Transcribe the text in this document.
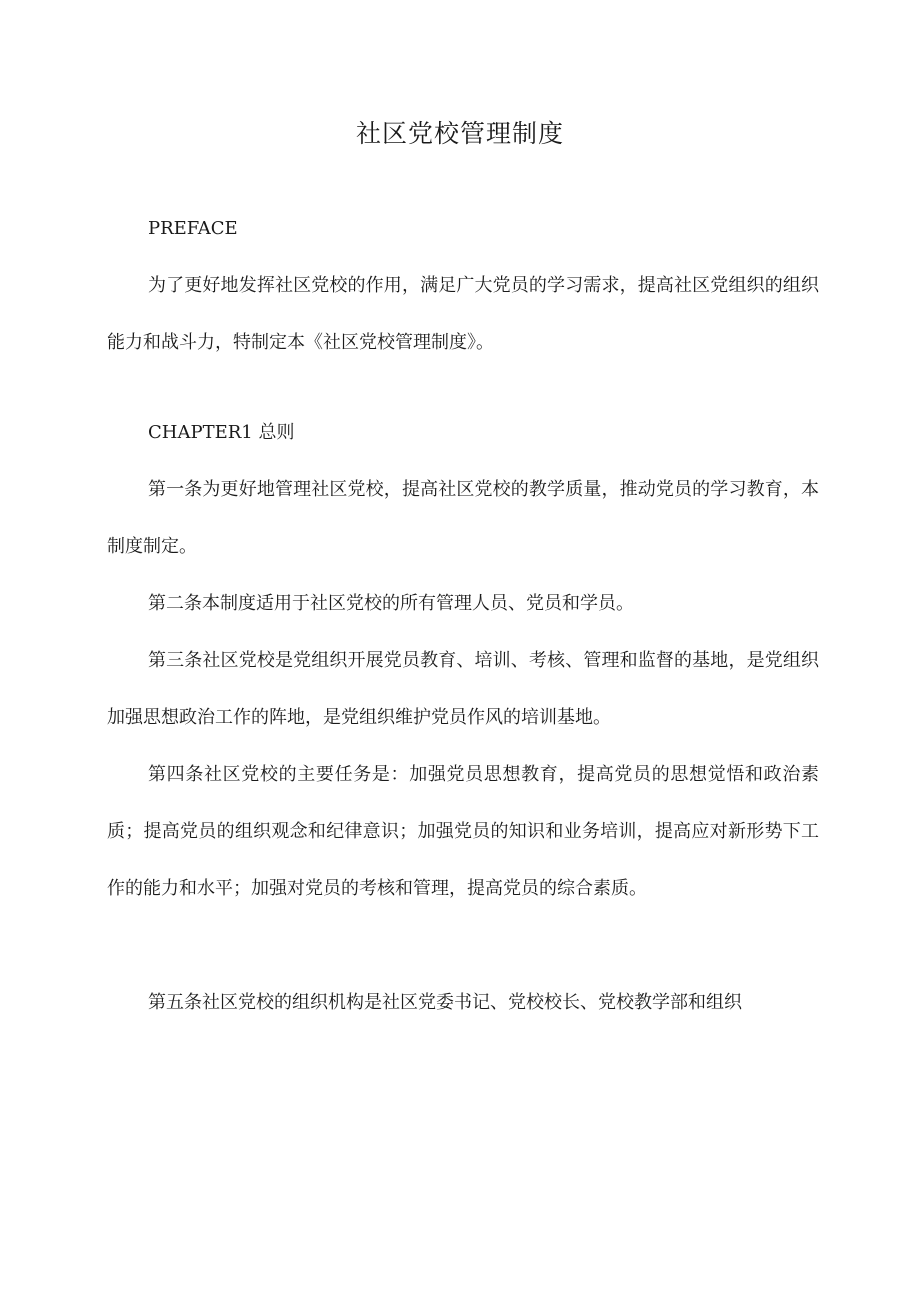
社区党校管理制度

PREFACE

为了更好地发挥社区党校的作用，满足广大党员的学习需求，提高社区党组织的组织能力和战斗力，特制定本《社区党校管理制度》。

CHAPTER1 总则

第一条为更好地管理社区党校，提高社区党校的教学质量，推动党员的学习教育，本制度制定。

第二条本制度适用于社区党校的所有管理人员、党员和学员。

第三条社区党校是党组织开展党员教育、培训、考核、管理和监督的基地，是党组织加强思想政治工作的阵地，是党组织维护党员作风的培训基地。

第四条社区党校的主要任务是：加强党员思想教育，提高党员的思想觉悟和政治素质；提高党员的组织观念和纪律意识；加强党员的知识和业务培训，提高应对新形势下工作的能力和水平；加强对党员的考核和管理，提高党员的综合素质。

第五条社区党校的组织机构是社区党委书记、党校校长、党校教学部和组织
